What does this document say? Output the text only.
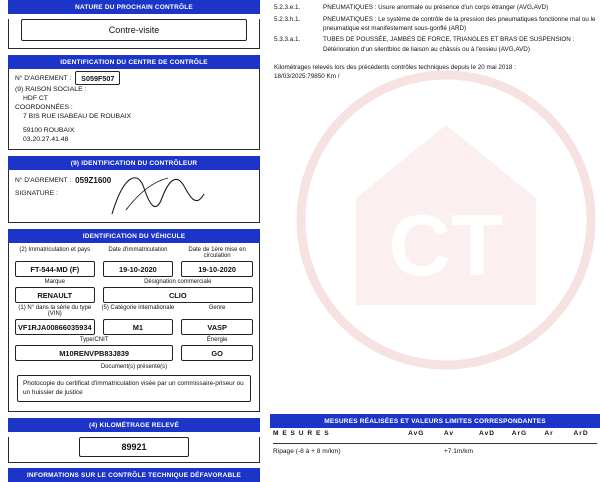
NATURE DU PROCHAIN CONTRÔLE
Contre-visite
IDENTIFICATION DU CENTRE DE CONTRÔLE
N° D'AGREMENT :	S059F507
(9) RAISON SOCIALE :
HDF CT
COORDONNÉES :
7 BIS RUE ISABEAU DE ROUBAIX
59100 ROUBAIX
03.20.27.41.48
(9) IDENTIFICATION DU CONTRÔLEUR
N° D'AGREMENT : 059Z1600
SIGNATURE :
IDENTIFICATION DU VÉHICULE
(2) Immatriculation et pays	Date d'immatriculation	Date de 1ère mise en circulation

FT-544-MD (F)	19-10-2020	19-10-2020

Marque	Désignation commerciale	

RENAULT	CLIO	

(1) N° dans la série du type (VIN)	(5) Catégorie internationale	Genre

VF1RJA00866035934	M1	VASP

Type/CNIT		Énergie

M10RENVPB83J839		GO

Document(s) présenté(s)		
Photocopie du certificat d'immatriculation visée par un commissaire-priseur ou un huissier de justice
(4) KILOMÉTRAGE RELEVÉ
89921
INFORMATIONS SUR LE CONTRÔLE TECHNIQUE DÉFAVORABLE
CT
5.2.3.e.1.	PNEUMATIQUES : Usure anormale ou présence d'un corps étranger (AVG,AVD)
5.2.3.h.1.	PNEUMATIQUES : Le système de contrôle de la pression des pneumatiques fonctionne mal ou le pneumatique est manifestement sous-gonflé (ARD)
5.3.3.a.1.	TUBES DE POUSSÉE, JAMBES DE FORCE, TRIANGLES ET BRAS DE SUSPENSION : Détérioration d'un silentbloc de liaison au châssis ou à l'essieu (AVG,AVD)
Kilométrages relevés lors des précédents contrôles techniques depuis le 20 mai 2018 :
18/03/2025:79850 Km /
MESURES RÉALISÉES ET VALEURS LIMITES CORRESPONDANTES
M E S U R E S	AvG	Av	AvD	ArG	Ar	ArD

Ripage (-8 à + 8 m/km)		+7.1m/km				
